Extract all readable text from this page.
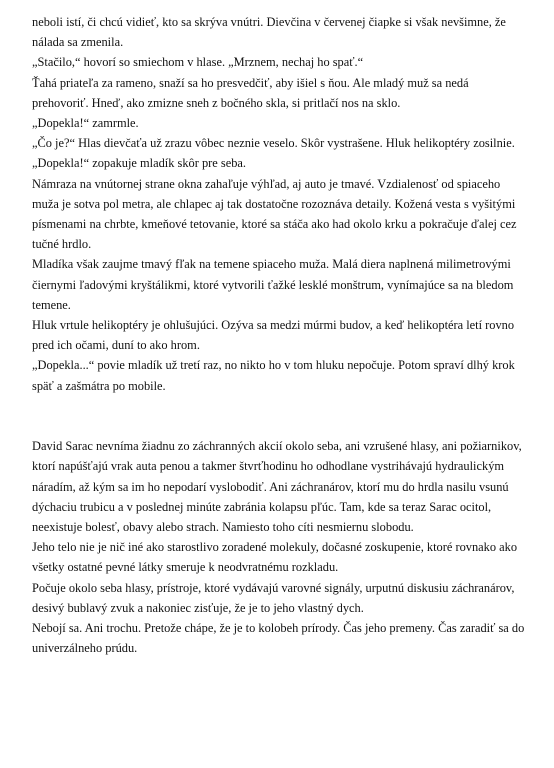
neboli istí, či chcú vidieť, kto sa skrýva vnútri. Dievčina v červenej čiapke si však nevšimne, že nálada sa zmenila.

„Stačilo,“ hovorí so smiechom v hlase. „Mrznem, nechaj ho spať.“

Ťahá priateľa za rameno, snaží sa ho presvedčiť, aby išiel s ňou. Ale mladý muž sa nedá prehovoriť. Hneď, ako zmizne sneh z bočného skla, si pritlačí nos na sklo.

„Dopekla!“ zamrmle.

„Čo je?“ Hlas dievčaťa už zrazu vôbec neznie veselo. Skôr vystrašene. Hluk helikoptéry zosilnie.

„Dopekla!“ zopakuje mladík skôr pre seba.

Námraza na vnútornej strane okna zahaľuje výhľad, aj auto je tmavé. Vzdialenosť od spiaceho muža je sotva pol metra, ale chlapec aj tak dostatočne rozoznáva detaily. Kožená vesta s vyšitými písmenami na chrbte, kmeňové tetovanie, ktoré sa stáča ako had okolo krku a pokračuje ďalej cez tučné hrdlo.

Mladíka však zaujme tmavý fľak na temene spiaceho muža. Malá diera naplnená milimetrovými čiernymi ľadovými kryštálikmi, ktoré vytvorili ťažké lesklé monštrum, vynímajúce sa na bledom temene.

Hluk vrtule helikoptéry je ohlušujúci. Ozýva sa medzi múrmi budov, a keď helikoptéra letí rovno pred ich očami, duní to ako hrom.

„Dopekla...“ povie mladík už tretí raz, no nikto ho v tom hluku nepočuje. Potom spraví dlhý krok späť a zašmátra po mobile.

David Sarac nevníma žiadnu zo záchranných akcií okolo seba, ani vzrušené hlasy, ani požiarnikov, ktorí napúšťajú vrak auta penou a takmer štvrťhodinu ho odhodlane vystrihávajú hydraulickým náradím, až kým sa im ho nepodarí vyslobodiť. Ani záchranárov, ktorí mu do hrdla nasilu vsunú dýchaciu trubicu a v poslednej minúte zabránia kolapsu pľúc. Tam, kde sa teraz Sarac ocitol, neexistuje bolesť, obavy alebo strach. Namiesto toho cíti nesmiernu slobodu.

Jeho telo nie je nič iné ako starostlivo zoradené molekuly, dočasné zoskupenie, ktoré rovnako ako všetky ostatné pevné látky smeruje k neodvratnému rozkladu.

Počuje okolo seba hlasy, prístroje, ktoré vydávajú varovné signály, urputnú diskusiu záchranárov, desivý bublavý zvuk a nakoniec zisťuje, že je to jeho vlastný dych.

Nebojí sa. Ani trochu. Pretože chápe, že je to kolobeh prírody. Čas jeho premeny. Čas zaradiť sa do univerzálneho prúdu.
